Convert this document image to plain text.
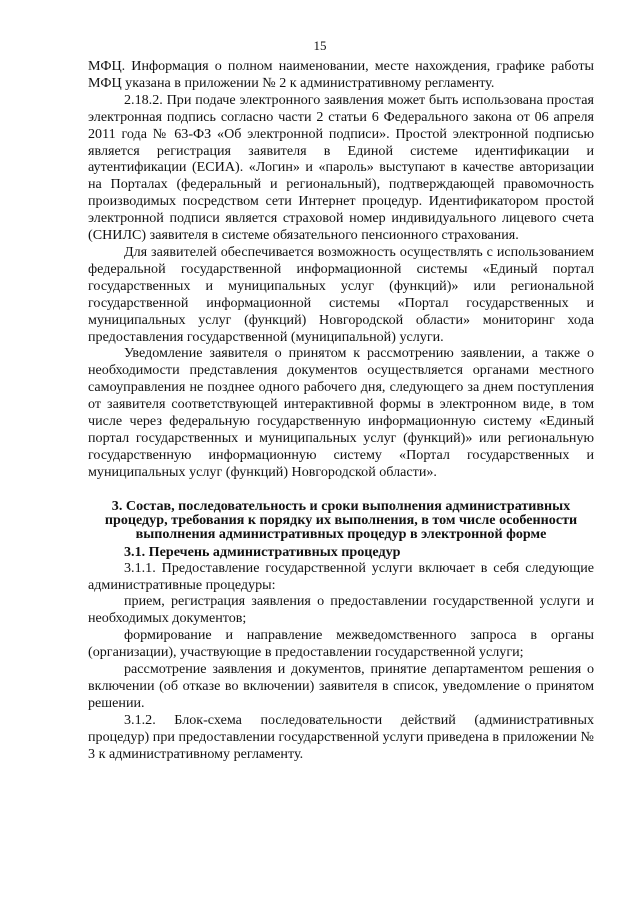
15

МФЦ. Информация о полном наименовании, месте нахождения, графике работы МФЦ указана в приложении № 2 к административному регламенту.

2.18.2. При подаче электронного заявления может быть использована простая электронная подпись согласно части 2 статьи 6 Федерального закона от 06 апреля 2011 года № 63-ФЗ «Об электронной подписи». Простой электронной подписью является регистрация заявителя в Единой системе идентификации и аутентификации (ЕСИА). «Логин» и «пароль» выступают в качестве авторизации на Порталах (федеральный и региональный), подтверждающей правомочность производимых посредством сети Интернет процедур. Идентификатором простой электронной подписи является страховой номер индивидуального лицевого счета (СНИЛС) заявителя в системе обязательного пенсионного страхования.

Для заявителей обеспечивается возможность осуществлять с использованием федеральной государственной информационной системы «Единый портал государственных и муниципальных услуг (функций)» или региональной государственной информационной системы «Портал государственных и муниципальных услуг (функций) Новгородской области» мониторинг хода предоставления государственной (муниципальной) услуги.

Уведомление заявителя о принятом к рассмотрению заявлении, а также о необходимости представления документов осуществляется органами местного самоуправления не позднее одного рабочего дня, следующего за днем поступления от заявителя соответствующей интерактивной формы в электронном виде, в том числе через федеральную государственную информационную систему «Единый портал государственных и муниципальных услуг (функций)» или региональную государственную информационную систему «Портал государственных и муниципальных услуг (функций) Новгородской области».

3. Состав, последовательность и сроки выполнения административных процедур, требования к порядку их выполнения, в том числе особенности выполнения административных процедур в электронной форме
3.1. Перечень административных процедур

3.1.1. Предоставление государственной услуги включает в себя следующие административные процедуры:

прием, регистрация заявления о предоставлении государственной услуги и необходимых документов;

формирование и направление межведомственного запроса в органы (организации), участвующие в предоставлении государственной услуги;

рассмотрение заявления и документов, принятие департаментом решения о включении (об отказе во включении) заявителя в список, уведомление о принятом решении.

3.1.2. Блок-схема последовательности действий (административных процедур) при предоставлении государственной услуги приведена в приложении № 3 к административному регламенту.
